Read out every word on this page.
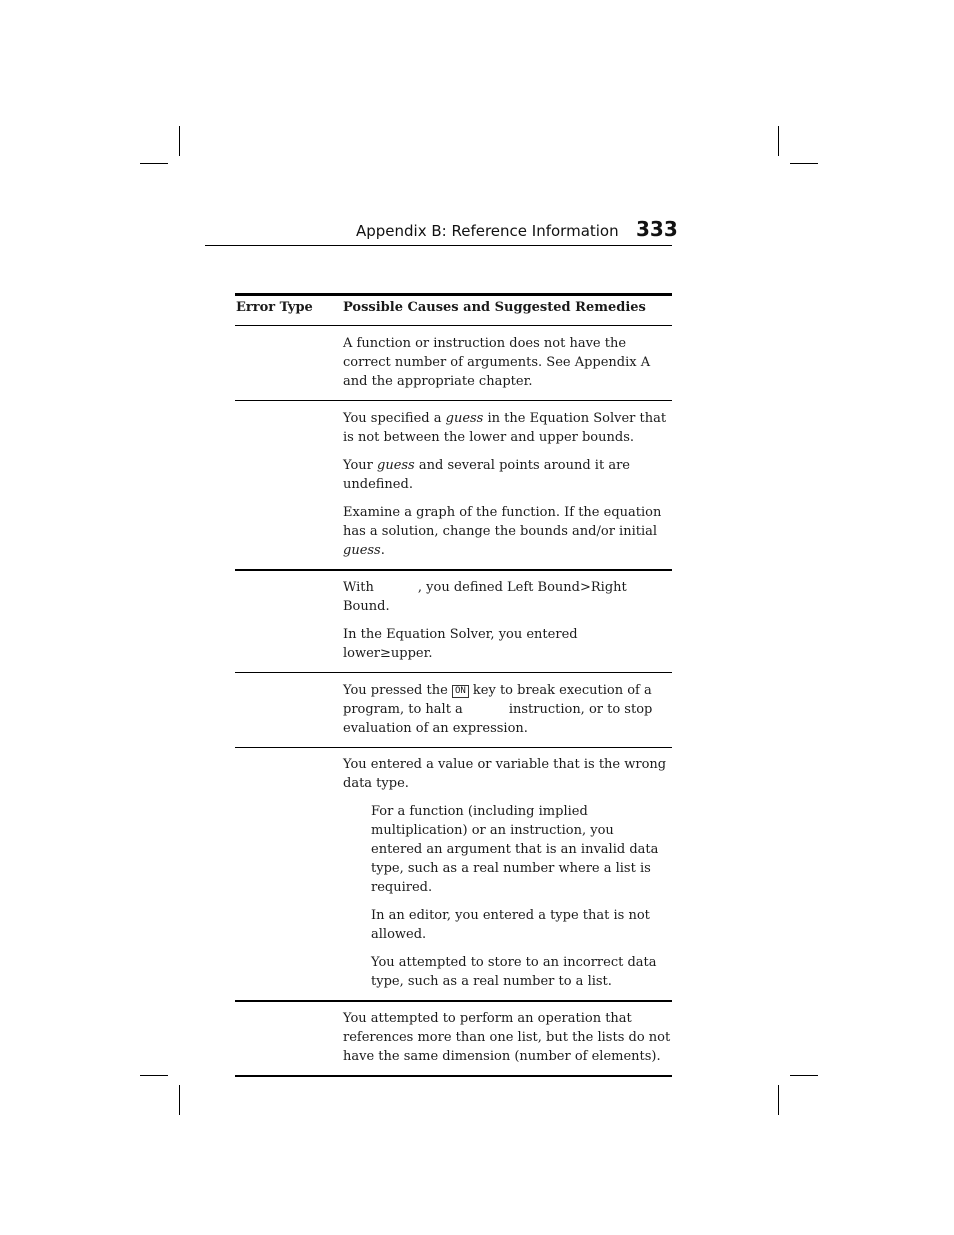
Appendix B: Reference Information 333
Error Type Possible Causes and Suggested Remedies

A function or instruction does not have the correct number of arguments. See Appendix A and the appropriate chapter.

You specified a guess in the Equation Solver that is not between the lower and upper bounds.

Your guess and several points around it are undefined.

Examine a graph of the function. If the equation has a solution, change the bounds and/or initial guess.

With	, you defined Left Bound>Right Bound.

In the Equation Solver, you entered lower≥upper.

You pressed the ON key to break execution of a program, to halt a	instruction, or to stop evaluation of an expression.

You entered a value or variable that is the wrong data type.

For a function (including implied multiplication) or an instruction, you entered an argument that is an invalid data type, such as a real number where a list is required.

In an editor, you entered a type that is not allowed.

You attempted to store to an incorrect data type, such as a real number to a list.

You attempted to perform an operation that references more than one list, but the lists do not have the same dimension (number of elements).
